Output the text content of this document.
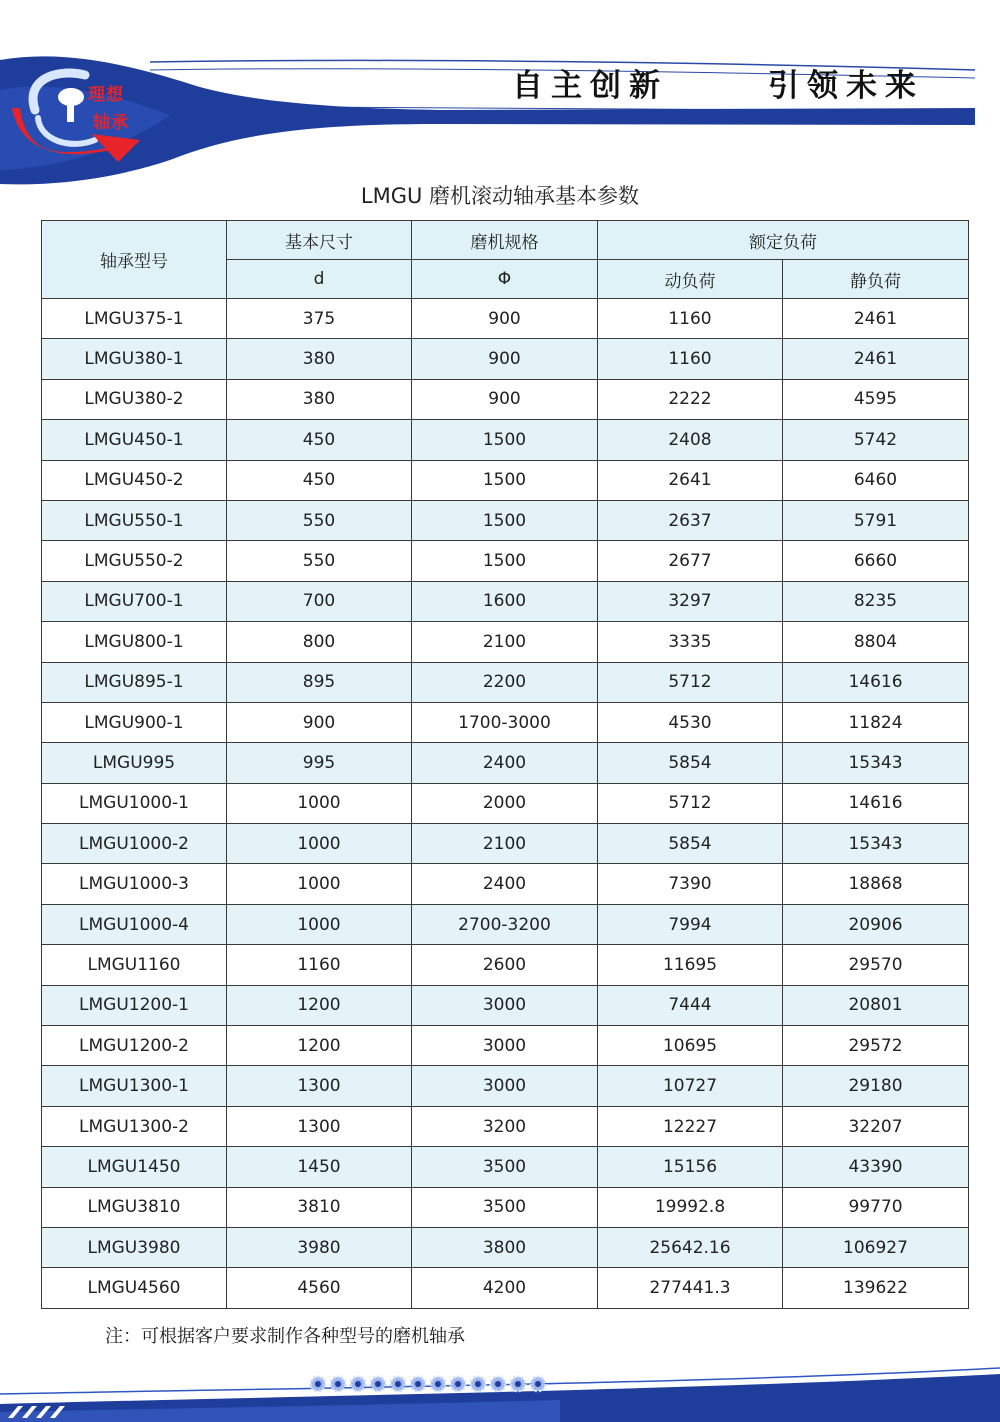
理想
轴承
自主创新	引领未来
LMGU 磨机滚动轴承基本参数
轴承型号	基本尺寸	磨机规格	额定负荷	
	d	Φ	动负荷	静负荷
LMGU375-1	375	900	1160	2461
LMGU380-1	380	900	1160	2461
LMGU380-2	380	900	2222	4595
LMGU450-1	450	1500	2408	5742
LMGU450-2	450	1500	2641	6460
LMGU550-1	550	1500	2637	5791
LMGU550-2	550	1500	2677	6660
LMGU700-1	700	1600	3297	8235
LMGU800-1	800	2100	3335	8804
LMGU895-1	895	2200	5712	14616
LMGU900-1	900	1700-3000	4530	11824
LMGU995	995	2400	5854	15343
LMGU1000-1	1000	2000	5712	14616
LMGU1000-2	1000	2100	5854	15343
LMGU1000-3	1000	2400	7390	18868
LMGU1000-4	1000	2700-3200	7994	20906
LMGU1160	1160	2600	11695	29570
LMGU1200-1	1200	3000	7444	20801
LMGU1200-2	1200	3000	10695	29572
LMGU1300-1	1300	3000	10727	29180
LMGU1300-2	1300	3200	12227	32207
LMGU1450	1450	3500	15156	43390
LMGU3810	3810	3500	19992.8	99770
LMGU3980	3980	3800	25642.16	106927
LMGU4560	4560	4200	277441.3	139622
注：可根据客户要求制作各种型号的磨机轴承
